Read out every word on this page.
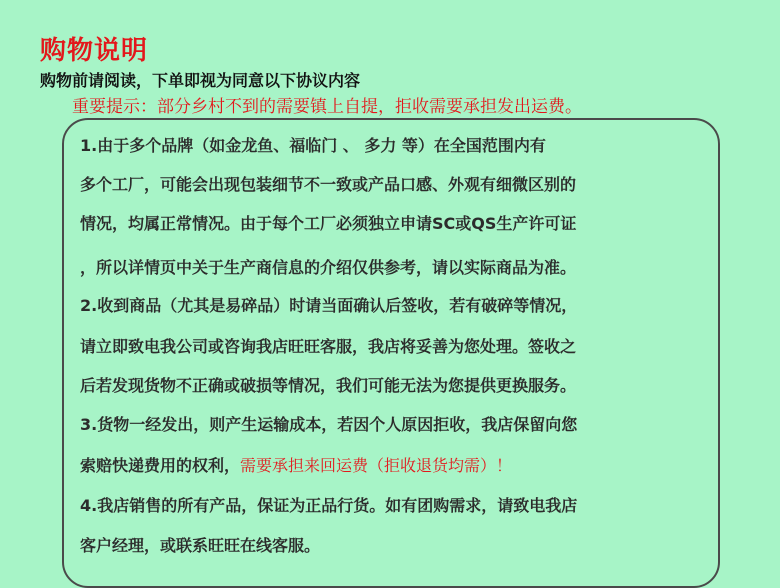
购物说明
购物前请阅读，下单即视为同意以下协议内容
重要提示：部分乡村不到的需要镇上自提，拒收需要承担发出运费。
1.由于多个品牌（如金龙鱼、福临门 、 多力 等）在全国范围内有
多个工厂，可能会出现包装细节不一致或产品口感、外观有细微区别的
情况，均属正常情况。由于每个工厂必须独立申请SC或QS生产许可证
，所以详情页中关于生产商信息的介绍仅供参考，请以实际商品为准。
2.收到商品（尤其是易碎品）时请当面确认后签收，若有破碎等情况，
请立即致电我公司或咨询我店旺旺客服，我店将妥善为您处理。签收之
后若发现货物不正确或破损等情况，我们可能无法为您提供更换服务。
3.货物一经发出，则产生运输成本，若因个人原因拒收，我店保留向您
索赔快递费用的权利，需要承担来回运费（拒收退货均需）！
4.我店销售的所有产品，保证为正品行货。如有团购需求，请致电我店
客户经理，或联系旺旺在线客服。
